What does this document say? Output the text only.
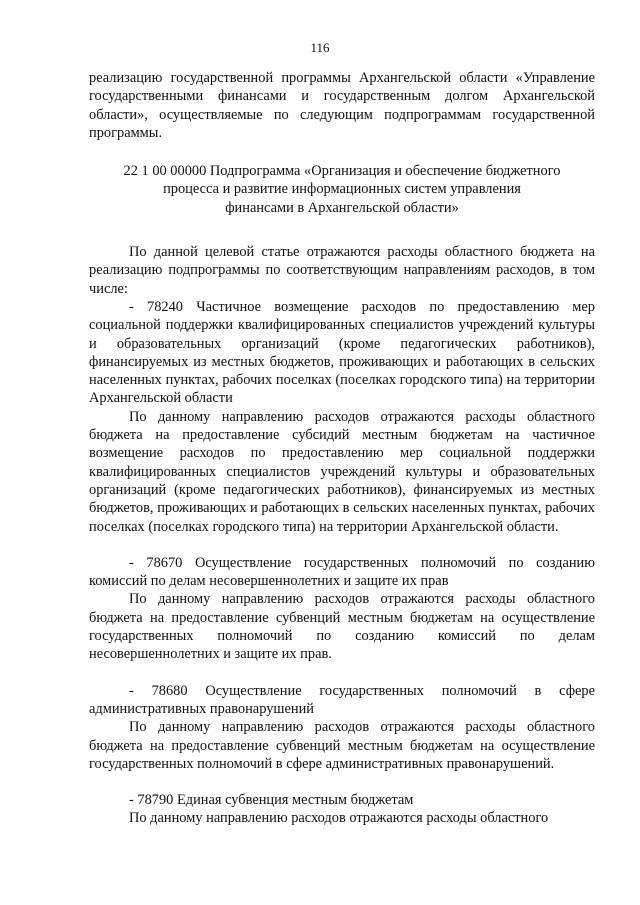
116

реализацию государственной программы Архангельской области «Управление государственными финансами и государственным долгом Архангельской области», осуществляемые по следующим подпрограммам государственной программы.

22 1 00 00000 Подпрограмма «Организация и обеспечение бюджетного
процесса и развитие информационных систем управления
финансами в Архангельской области»

По данной целевой статье отражаются расходы областного бюджета на реализацию подпрограммы по соответствующим направлениям расходов, в том числе:

- 78240 Частичное возмещение расходов по предоставлению мер социальной поддержки квалифицированных специалистов учреждений культуры и образовательных организаций (кроме педагогических работников), финансируемых из местных бюджетов, проживающих и работающих в сельских населенных пунктах, рабочих поселках (поселках городского типа) на территории Архангельской области

По данному направлению расходов отражаются расходы областного бюджета на предоставление субсидий местным бюджетам на частичное возмещение расходов по предоставлению мер социальной поддержки квалифицированных специалистов учреждений культуры и образовательных организаций (кроме педагогических работников), финансируемых из местных бюджетов, проживающих и работающих в сельских населенных пунктах, рабочих поселках (поселках городского типа) на территории Архангельской области.

- 78670 Осуществление государственных полномочий по созданию комиссий по делам несовершеннолетних и защите их прав

По данному направлению расходов отражаются расходы областного бюджета на предоставление субвенций местным бюджетам на осуществление государственных полномочий по созданию комиссий по делам несовершеннолетних и защите их прав.

- 78680 Осуществление государственных полномочий в сфере административных правонарушений

По данному направлению расходов отражаются расходы областного бюджета на предоставление субвенций местным бюджетам на осуществление государственных полномочий в сфере административных правонарушений.

- 78790 Единая субвенция местным бюджетам

По данному направлению расходов отражаются расходы областного
